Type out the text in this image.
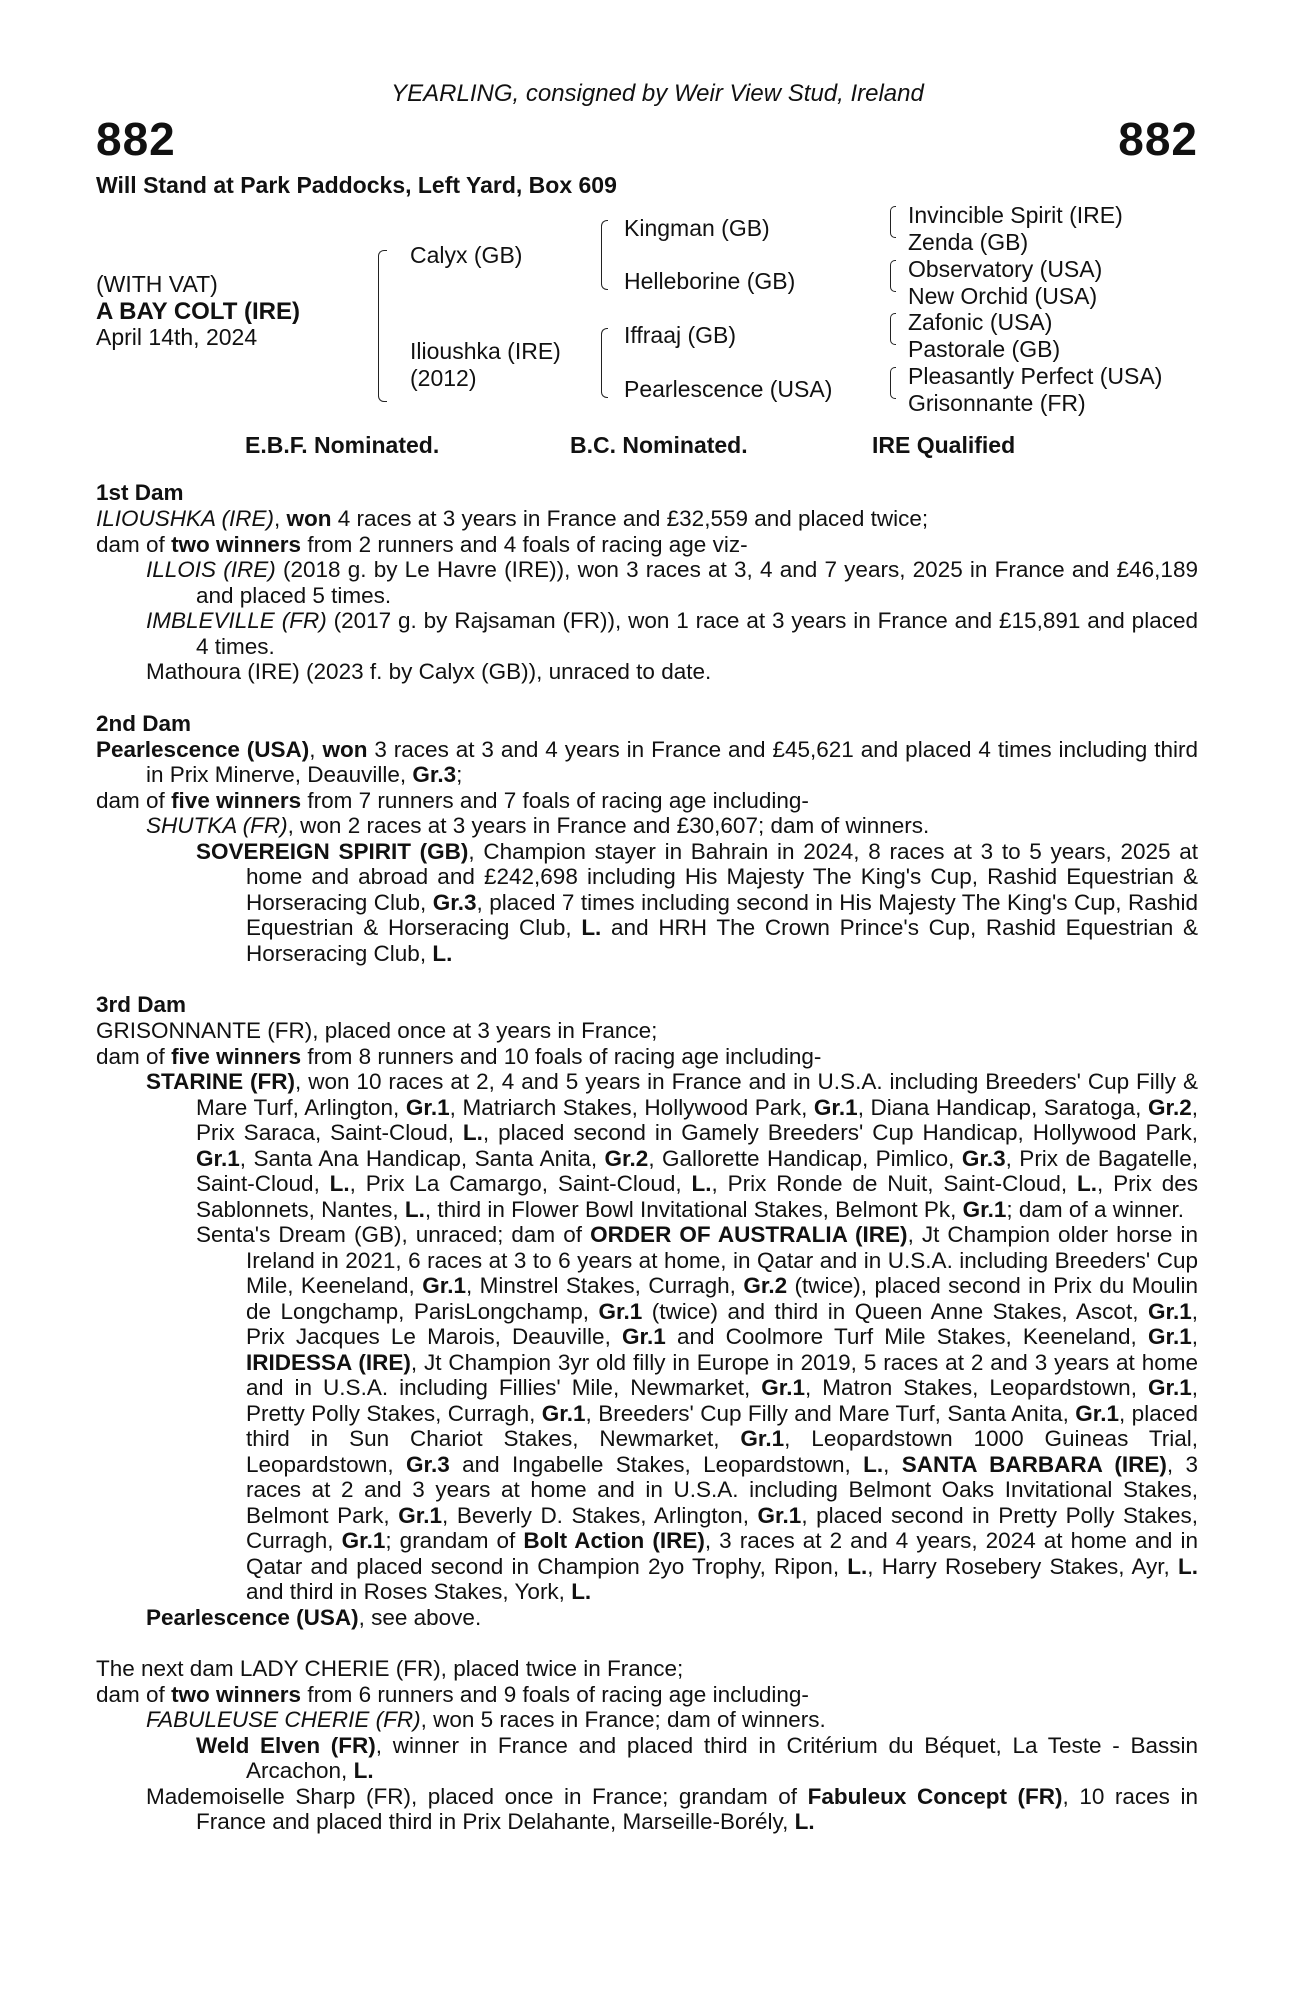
YEARLING, consigned by Weir View Stud, Ireland
882	882
Will Stand at Park Paddocks, Left Yard, Box 609
(WITH VAT)
A BAY COLT (IRE)
April 14th, 2024
Calyx (GB)
Ilioushka (IRE)
(2012)
Kingman (GB)
Helleborine (GB)
Iffraaj (GB)
Pearlescence (USA)
Invincible Spirit (IRE)
Zenda (GB)
Observatory (USA)
New Orchid (USA)
Zafonic (USA)
Pastorale (GB)
Pleasantly Perfect (USA)
Grisonnante (FR)
E.B.F. Nominated.	B.C. Nominated.	IRE Qualified
1st Dam

ILIOUSHKA (IRE), won 4 races at 3 years in France and £32,559 and placed twice;

dam of two winners from 2 runners and 4 foals of racing age viz-

ILLOIS (IRE) (2018 g. by Le Havre (IRE)), won 3 races at 3, 4 and 7 years, 2025 in France and £46,189 and placed 5 times.

IMBLEVILLE (FR) (2017 g. by Rajsaman (FR)), won 1 race at 3 years in France and £15,891 and placed 4 times.

Mathoura (IRE) (2023 f. by Calyx (GB)), unraced to date.

2nd Dam

Pearlescence (USA), won 3 races at 3 and 4 years in France and £45,621 and placed 4 times including third in Prix Minerve, Deauville, Gr.3;

dam of five winners from 7 runners and 7 foals of racing age including-

SHUTKA (FR), won 2 races at 3 years in France and £30,607; dam of winners.

SOVEREIGN SPIRIT (GB), Champion stayer in Bahrain in 2024, 8 races at 3 to 5 years, 2025 at home and abroad and £242,698 including His Majesty The King's Cup, Rashid Equestrian & Horseracing Club, Gr.3, placed 7 times including second in His Majesty The King's Cup, Rashid Equestrian & Horseracing Club, L. and HRH The Crown Prince's Cup, Rashid Equestrian & Horseracing Club, L.

3rd Dam

GRISONNANTE (FR), placed once at 3 years in France;

dam of five winners from 8 runners and 10 foals of racing age including-

STARINE (FR), won 10 races at 2, 4 and 5 years in France and in U.S.A. including Breeders' Cup Filly & Mare Turf, Arlington, Gr.1, Matriarch Stakes, Hollywood Park, Gr.1, Diana Handicap, Saratoga, Gr.2, Prix Saraca, Saint-Cloud, L., placed second in Gamely Breeders' Cup Handicap, Hollywood Park, Gr.1, Santa Ana Handicap, Santa Anita, Gr.2, Gallorette Handicap, Pimlico, Gr.3, Prix de Bagatelle, Saint-Cloud, L., Prix La Camargo, Saint-Cloud, L., Prix Ronde de Nuit, Saint-Cloud, L., Prix des Sablonnets, Nantes, L., third in Flower Bowl Invitational Stakes, Belmont Pk, Gr.1; dam of a winner.

Senta's Dream (GB), unraced; dam of ORDER OF AUSTRALIA (IRE), Jt Champion older horse in Ireland in 2021, 6 races at 3 to 6 years at home, in Qatar and in U.S.A. including Breeders' Cup Mile, Keeneland, Gr.1, Minstrel Stakes, Curragh, Gr.2 (twice), placed second in Prix du Moulin de Longchamp, ParisLongchamp, Gr.1 (twice) and third in Queen Anne Stakes, Ascot, Gr.1, Prix Jacques Le Marois, Deauville, Gr.1 and Coolmore Turf Mile Stakes, Keeneland, Gr.1, IRIDESSA (IRE), Jt Champion 3yr old filly in Europe in 2019, 5 races at 2 and 3 years at home and in U.S.A. including Fillies' Mile, Newmarket, Gr.1, Matron Stakes, Leopardstown, Gr.1, Pretty Polly Stakes, Curragh, Gr.1, Breeders' Cup Filly and Mare Turf, Santa Anita, Gr.1, placed third in Sun Chariot Stakes, Newmarket, Gr.1, Leopardstown 1000 Guineas Trial, Leopardstown, Gr.3 and Ingabelle Stakes, Leopardstown, L., SANTA BARBARA (IRE), 3 races at 2 and 3 years at home and in U.S.A. including Belmont Oaks Invitational Stakes, Belmont Park, Gr.1, Beverly D. Stakes, Arlington, Gr.1, placed second in Pretty Polly Stakes, Curragh, Gr.1; grandam of Bolt Action (IRE), 3 races at 2 and 4 years, 2024 at home and in Qatar and placed second in Champion 2yo Trophy, Ripon, L., Harry Rosebery Stakes, Ayr, L. and third in Roses Stakes, York, L.

Pearlescence (USA), see above.

The next dam LADY CHERIE (FR), placed twice in France;

dam of two winners from 6 runners and 9 foals of racing age including-

FABULEUSE CHERIE (FR), won 5 races in France; dam of winners.

Weld Elven (FR), winner in France and placed third in Critérium du Béquet, La Teste - Bassin Arcachon, L.

Mademoiselle Sharp (FR), placed once in France; grandam of Fabuleux Concept (FR), 10 races in France and placed third in Prix Delahante, Marseille-Borély, L.
